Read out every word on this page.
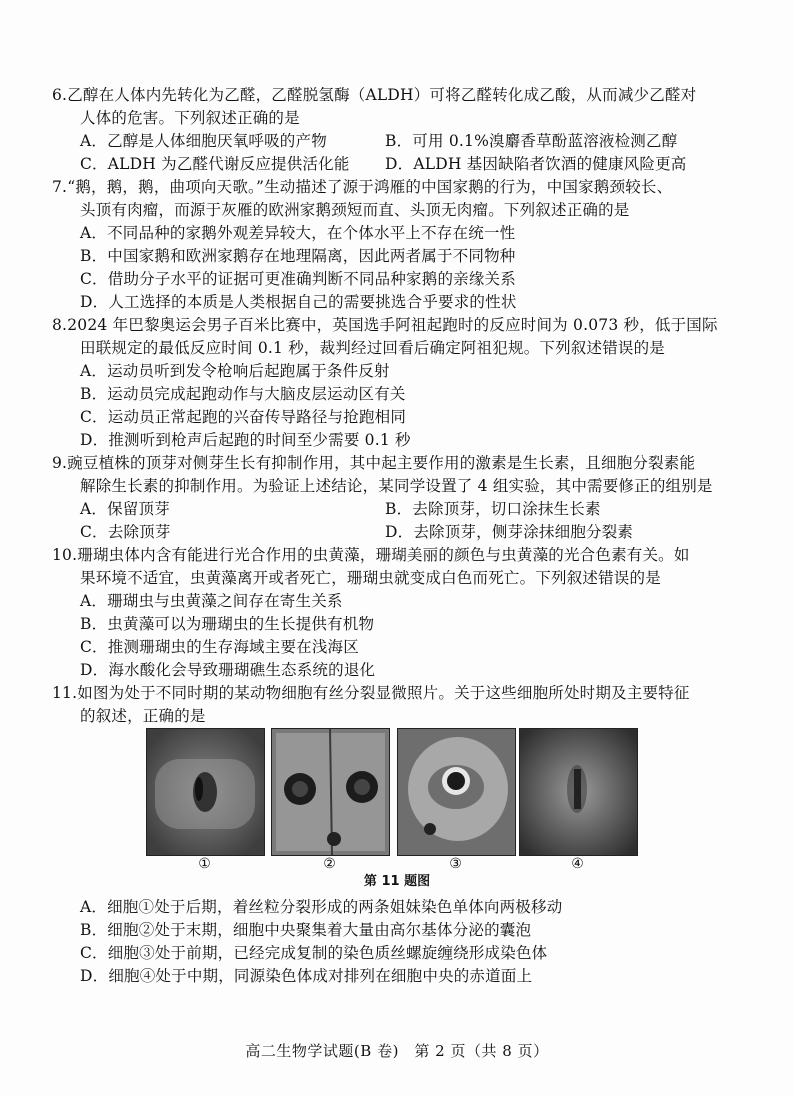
6.乙醇在人体内先转化为乙醛，乙醛脱氢酶（ALDH）可将乙醛转化成乙酸，从而减少乙醛对
人体的危害。下列叙述正确的是
A．乙醇是人体细胞厌氧呼吸的产物	B．可用 0.1%溴麝香草酚蓝溶液检测乙醇
C．ALDH 为乙醛代谢反应提供活化能	D．ALDH 基因缺陷者饮酒的健康风险更高
7.“鹅，鹅，鹅，曲项向天歌。”生动描述了源于鸿雁的中国家鹅的行为，中国家鹅颈较长、
头顶有肉瘤，而源于灰雁的欧洲家鹅颈短而直、头顶无肉瘤。下列叙述正确的是
A．不同品种的家鹅外观差异较大，在个体水平上不存在统一性
B．中国家鹅和欧洲家鹅存在地理隔离，因此两者属于不同物种
C．借助分子水平的证据可更准确判断不同品种家鹅的亲缘关系
D．人工选择的本质是人类根据自己的需要挑选合乎要求的性状
8.2024 年巴黎奥运会男子百米比赛中，英国选手阿祖起跑时的反应时间为 0.073 秒，低于国际
田联规定的最低反应时间 0.1 秒，裁判经过回看后确定阿祖犯规。下列叙述错误的是
A．运动员听到发令枪响后起跑属于条件反射
B．运动员完成起跑动作与大脑皮层运动区有关
C．运动员正常起跑的兴奋传导路径与抢跑相同
D．推测听到枪声后起跑的时间至少需要 0.1 秒
9.豌豆植株的顶芽对侧芽生长有抑制作用，其中起主要作用的激素是生长素，且细胞分裂素能
解除生长素的抑制作用。为验证上述结论，某同学设置了 4 组实验，其中需要修正的组别是
A．保留顶芽	B．去除顶芽，切口涂抹生长素
C．去除顶芽	D．去除顶芽，侧芽涂抹细胞分裂素
10.珊瑚虫体内含有能进行光合作用的虫黄藻，珊瑚美丽的颜色与虫黄藻的光合色素有关。如
果环境不适宜，虫黄藻离开或者死亡，珊瑚虫就变成白色而死亡。下列叙述错误的是
A．珊瑚虫与虫黄藻之间存在寄生关系
B．虫黄藻可以为珊瑚虫的生长提供有机物
C．推测珊瑚虫的生存海域主要在浅海区
D．海水酸化会导致珊瑚礁生态系统的退化
11.如图为处于不同时期的某动物细胞有丝分裂显微照片。关于这些细胞所处时期及主要特征
的叙述，正确的是
①	②	③	④
第 11 题图
A．细胞①处于后期，着丝粒分裂形成的两条姐妹染色单体向两极移动
B．细胞②处于末期，细胞中央聚集着大量由高尔基体分泌的囊泡
C．细胞③处于前期，已经完成复制的染色质丝螺旋缠绕形成染色体
D．细胞④处于中期，同源染色体成对排列在细胞中央的赤道面上
高二生物学试题(B 卷)　第 2 页（共 8 页）
